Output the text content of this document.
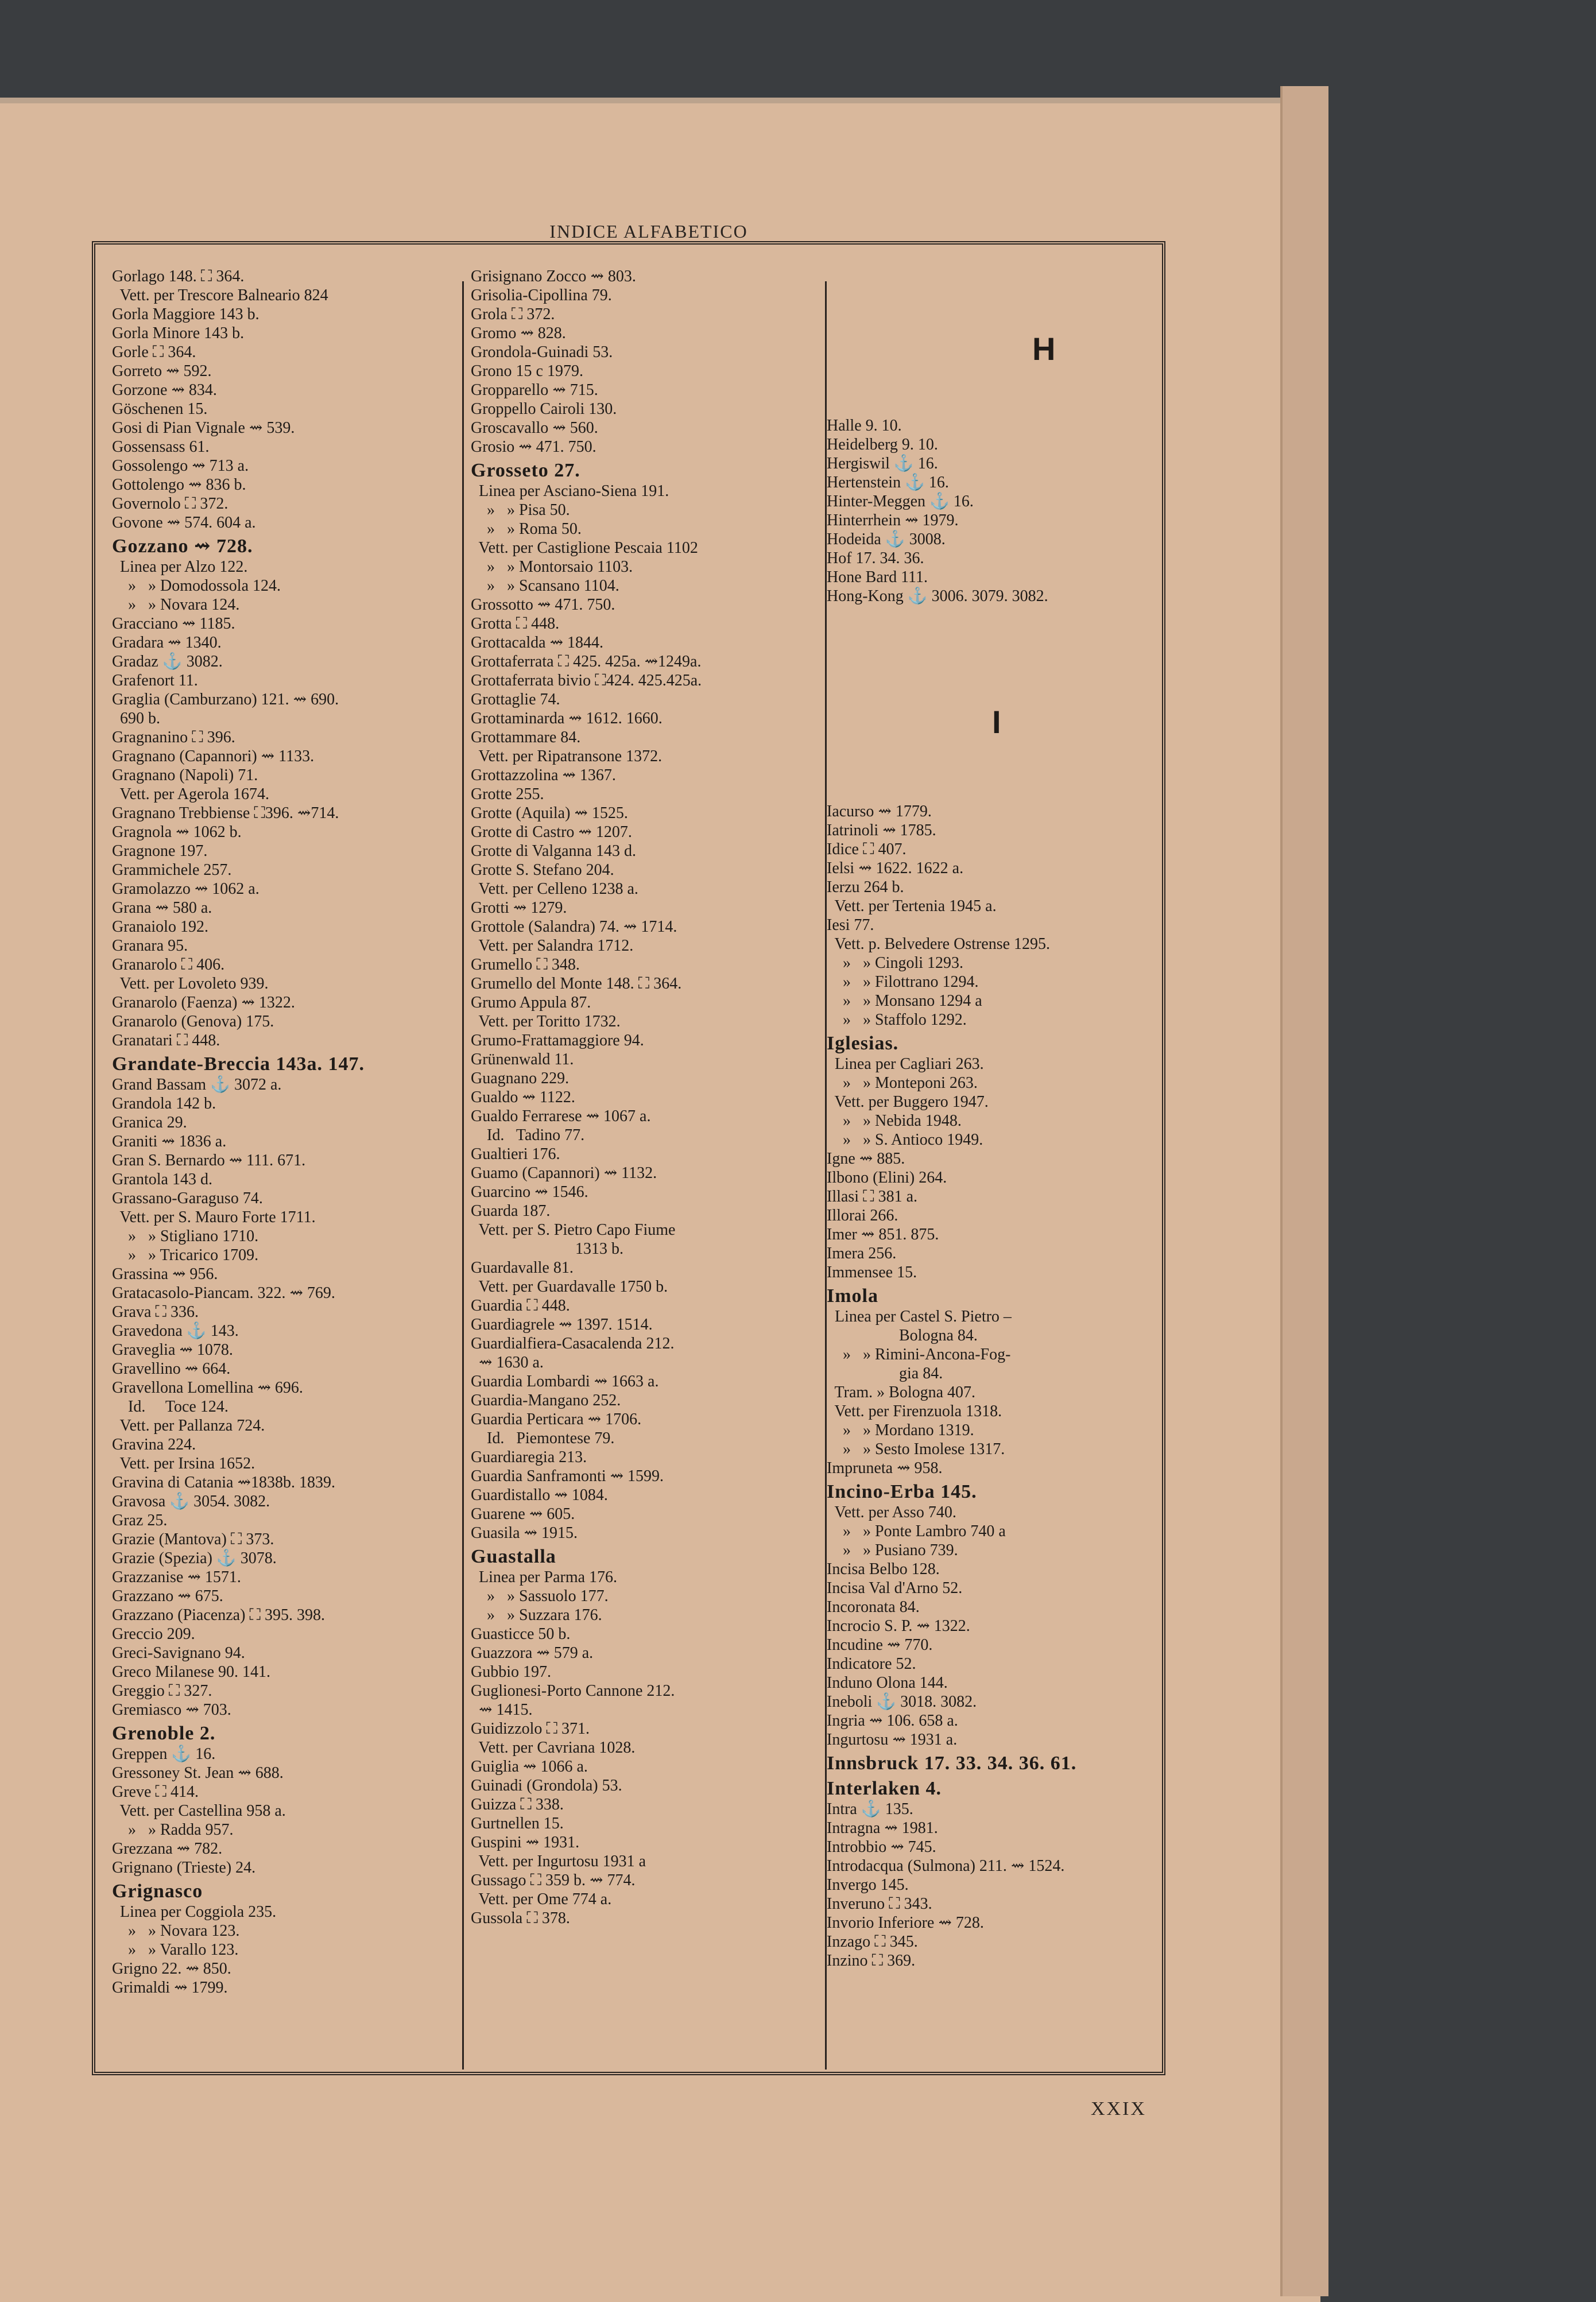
INDICE ALFABETICO
Gorlago 148. ⛶ 364.
Vett. per Trescore Balneario 824
Gorla Maggiore 143 b.
Gorla Minore 143 b.
Gorle ⛶ 364.
Gorreto ⇝ 592.
Gorzone ⇝ 834.
Göschenen 15.
Gosi di Pian Vignale ⇝ 539.
Gossensass 61.
Gossolengo ⇝ 713 a.
Gottolengo ⇝ 836 b.
Governolo ⛶ 372.
Govone ⇝ 574. 604 a.
Gozzano ⇝ 728.
Linea per Alzo 122.
»   » Domodossola 124.
»   » Novara 124.
Gracciano ⇝ 1185.
Gradara ⇝ 1340.
Gradaz ⚓ 3082.
Grafenort 11.
Graglia (Camburzano) 121. ⇝ 690.
690 b.
Gragnanino ⛶ 396.
Gragnano (Capannori) ⇝ 1133.
Gragnano (Napoli) 71.
Vett. per Agerola 1674.
Gragnano Trebbiense ⛶396. ⇝714.
Gragnola ⇝ 1062 b.
Gragnone 197.
Grammichele 257.
Gramolazzo ⇝ 1062 a.
Grana ⇝ 580 a.
Granaiolo 192.
Granara 95.
Granarolo ⛶ 406.
Vett. per Lovoleto 939.
Granarolo (Faenza) ⇝ 1322.
Granarolo (Genova) 175.
Granatari ⛶ 448.
Grandate-Breccia 143a. 147.
Grand Bassam ⚓ 3072 a.
Grandola 142 b.
Granica 29.
Graniti ⇝ 1836 a.
Gran S. Bernardo ⇝ 111. 671.
Grantola 143 d.
Grassano-Garaguso 74.
Vett. per S. Mauro Forte 1711.
»   » Stigliano 1710.
»   » Tricarico 1709.
Grassina ⇝ 956.
Gratacasolo-Piancam. 322. ⇝ 769.
Grava ⛶ 336.
Gravedona ⚓ 143.
Graveglia ⇝ 1078.
Gravellino ⇝ 664.
Gravellona Lomellina ⇝ 696.
Id.     Toce 124.
Vett. per Pallanza 724.
Gravina 224.
Vett. per Irsina 1652.
Gravina di Catania ⇝1838b. 1839.
Gravosa ⚓ 3054. 3082.
Graz 25.
Grazie (Mantova) ⛶ 373.
Grazie (Spezia) ⚓ 3078.
Grazzanise ⇝ 1571.
Grazzano ⇝ 675.
Grazzano (Piacenza) ⛶ 395. 398.
Greccio 209.
Greci-Savignano 94.
Greco Milanese 90. 141.
Greggio ⛶ 327.
Gremiasco ⇝ 703.
Grenoble 2.
Greppen ⚓ 16.
Gressoney St. Jean ⇝ 688.
Greve ⛶ 414.
Vett. per Castellina 958 a.
»   » Radda 957.
Grezzana ⇝ 782.
Grignano (Trieste) 24.
Grignasco
Linea per Coggiola 235.
»   » Novara 123.
»   » Varallo 123.
Grigno 22. ⇝ 850.
Grimaldi ⇝ 1799.
Grisignano Zocco ⇝ 803.
Grisolia-Cipollina 79.
Grola ⛶ 372.
Gromo ⇝ 828.
Grondola-Guinadi 53.
Grono 15 c 1979.
Gropparello ⇝ 715.
Groppello Cairoli 130.
Groscavallo ⇝ 560.
Grosio ⇝ 471. 750.
Grosseto 27.
Linea per Asciano-Siena 191.
»   » Pisa 50.
»   » Roma 50.
Vett. per Castiglione Pescaia 1102
»   » Montorsaio 1103.
»   » Scansano 1104.
Grossotto ⇝ 471. 750.
Grotta ⛶ 448.
Grottacalda ⇝ 1844.
Grottaferrata ⛶ 425. 425a. ⇝1249a.
Grottaferrata bivio ⛶424. 425.425a.
Grottaglie 74.
Grottaminarda ⇝ 1612. 1660.
Grottammare 84.
Vett. per Ripatransone 1372.
Grottazzolina ⇝ 1367.
Grotte 255.
Grotte (Aquila) ⇝ 1525.
Grotte di Castro ⇝ 1207.
Grotte di Valganna 143 d.
Grotte S. Stefano 204.
Vett. per Celleno 1238 a.
Grotti ⇝ 1279.
Grottole (Salandra) 74. ⇝ 1714.
Vett. per Salandra 1712.
Grumello ⛶ 348.
Grumello del Monte 148. ⛶ 364.
Grumo Appula 87.
Vett. per Toritto 1732.
Grumo-Frattamaggiore 94.
Grünenwald 11.
Guagnano 229.
Gualdo ⇝ 1122.
Gualdo Ferrarese ⇝ 1067 a.
Id.   Tadino 77.
Gualtieri 176.
Guamo (Capannori) ⇝ 1132.
Guarcino ⇝ 1546.
Guarda 187.
Vett. per S. Pietro Capo Fiume
1313 b.
Guardavalle 81.
Vett. per Guardavalle 1750 b.
Guardia ⛶ 448.
Guardiagrele ⇝ 1397. 1514.
Guardialfiera-Casacalenda 212.
⇝ 1630 a.
Guardia Lombardi ⇝ 1663 a.
Guardia-Mangano 252.
Guardia Perticara ⇝ 1706.
Id.   Piemontese 79.
Guardiaregia 213.
Guardia Sanframonti ⇝ 1599.
Guardistallo ⇝ 1084.
Guarene ⇝ 605.
Guasila ⇝ 1915.
Guastalla
Linea per Parma 176.
»   » Sassuolo 177.
»   » Suzzara 176.
Guasticce 50 b.
Guazzora ⇝ 579 a.
Gubbio 197.
Guglionesi-Porto Cannone 212.
⇝ 1415.
Guidizzolo ⛶ 371.
Vett. per Cavriana 1028.
Guiglia ⇝ 1066 a.
Guinadi (Grondola) 53.
Guizza ⛶ 338.
Gurtnellen 15.
Guspini ⇝ 1931.
Vett. per Ingurtosu 1931 a
Gussago ⛶ 359 b. ⇝ 774.
Vett. per Ome 774 a.
Gussola ⛶ 378.
H
Halle 9. 10.
Heidelberg 9. 10.
Hergiswil ⚓ 16.
Hertenstein ⚓ 16.
Hinter-Meggen ⚓ 16.
Hinterrhein ⇝ 1979.
Hodeida ⚓ 3008.
Hof 17. 34. 36.
Hone Bard 111.
Hong-Kong ⚓ 3006. 3079. 3082.
I
Iacurso ⇝ 1779.
Iatrinoli ⇝ 1785.
Idice ⛶ 407.
Ielsi ⇝ 1622. 1622 a.
Ierzu 264 b.
Vett. per Tertenia 1945 a.
Iesi 77.
Vett. p. Belvedere Ostrense 1295.
»   » Cingoli 1293.
»   » Filottrano 1294.
»   » Monsano 1294 a
»   » Staffolo 1292.
Iglesias.
Linea per Cagliari 263.
»   » Monteponi 263.
Vett. per Buggero 1947.
»   » Nebida 1948.
»   » S. Antioco 1949.
Igne ⇝ 885.
Ilbono (Elini) 264.
Illasi ⛶ 381 a.
Illorai 266.
Imer ⇝ 851. 875.
Imera 256.
Immensee 15.
Imola
Linea per Castel S. Pietro –
Bologna 84.
»   » Rimini-Ancona-Fog-
gia 84.
Tram. » Bologna 407.
Vett. per Firenzuola 1318.
»   » Mordano 1319.
»   » Sesto Imolese 1317.
Impruneta ⇝ 958.
Incino-Erba 145.
Vett. per Asso 740.
»   » Ponte Lambro 740 a
»   » Pusiano 739.
Incisa Belbo 128.
Incisa Val d'Arno 52.
Incoronata 84.
Incrocio S. P. ⇝ 1322.
Incudine ⇝ 770.
Indicatore 52.
Induno Olona 144.
Ineboli ⚓ 3018. 3082.
Ingria ⇝ 106. 658 a.
Ingurtosu ⇝ 1931 a.
Innsbruck 17. 33. 34. 36. 61.
Interlaken 4.
Intra ⚓ 135.
Intragna ⇝ 1981.
Introbbio ⇝ 745.
Introdacqua (Sulmona) 211. ⇝ 1524.
Invergo 145.
Inveruno ⛶ 343.
Invorio Inferiore ⇝ 728.
Inzago ⛶ 345.
Inzino ⛶ 369.
XXIX
